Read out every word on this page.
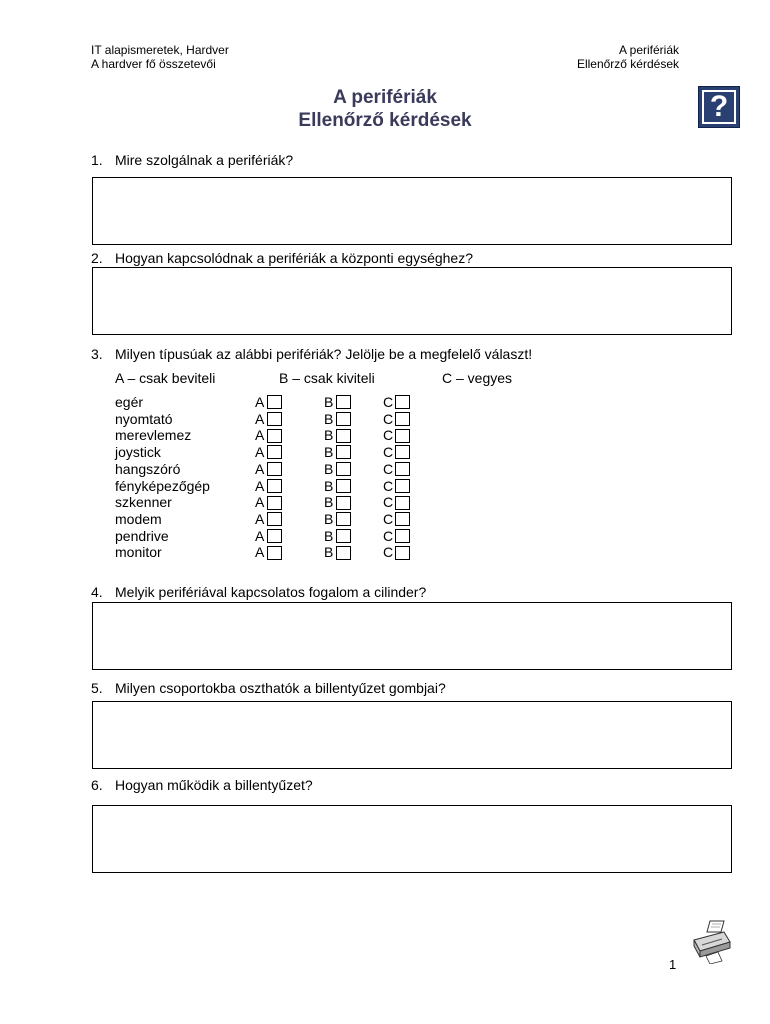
IT alapismeretek, Hardver
A hardver fő összetevői
A perifériák
Ellenőrző kérdések
A perifériák
Ellenőrző kérdések	?
1. Mire szolgálnak a perifériák?
2. Hogyan kapcsolódnak a perifériák a központi egységhez?
3. Milyen típusúak az alábbi perifériák? Jelölje be a megfelelő választ!
A – csak beviteli	B – csak kiviteli	C – vegyes
egér	A	B	C
nyomtató	A	B	C
merevlemez	A	B	C
joystick	A	B	C
hangszóró	A	B	C
fényképezőgép	A	B	C
szkenner	A	B	C
modem	A	B	C
pendrive	A	B	C
monitor	A	B	C
4. Melyik perifériával kapcsolatos fogalom a cilinder?
5. Milyen csoportokba oszthatók a billentyűzet gombjai?
6. Hogyan működik a billentyűzet?
1
